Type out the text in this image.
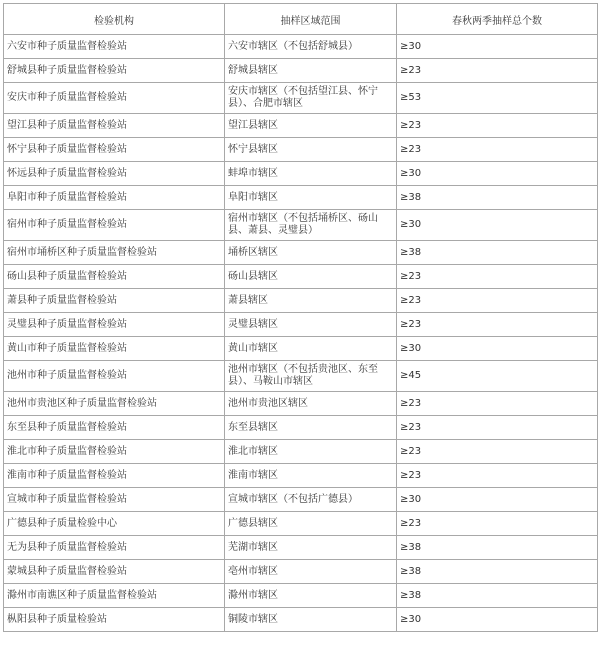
检验机构	抽样区域范围	春秋两季抽样总个数
六安市种子质量监督检验站	六安市辖区（不包括舒城县）	≥30
舒城县种子质量监督检验站	舒城县辖区	≥23
安庆市种子质量监督检验站	安庆市辖区（不包括望江县、怀宁县）、合肥市辖区	≥53
望江县种子质量监督检验站	望江县辖区	≥23
怀宁县种子质量监督检验站	怀宁县辖区	≥23
怀远县种子质量监督检验站	蚌埠市辖区	≥30
阜阳市种子质量监督检验站	阜阳市辖区	≥38
宿州市种子质量监督检验站	宿州市辖区（不包括埇桥区、砀山县、萧县、灵璧县）	≥30
宿州市埇桥区种子质量监督检验站	埇桥区辖区	≥38
砀山县种子质量监督检验站	砀山县辖区	≥23
萧县种子质量监督检验站	萧县辖区	≥23
灵璧县种子质量监督检验站	灵璧县辖区	≥23
黄山市种子质量监督检验站	黄山市辖区	≥30
池州市种子质量监督检验站	池州市辖区（不包括贵池区、东至县）、马鞍山市辖区	≥45
池州市贵池区种子质量监督检验站	池州市贵池区辖区	≥23
东至县种子质量监督检验站	东至县辖区	≥23
淮北市种子质量监督检验站	淮北市辖区	≥23
淮南市种子质量监督检验站	淮南市辖区	≥23
宣城市种子质量监督检验站	宣城市辖区（不包括广德县）	≥30
广德县种子质量检验中心	广德县辖区	≥23
无为县种子质量监督检验站	芜湖市辖区	≥38
蒙城县种子质量监督检验站	亳州市辖区	≥38
滁州市南谯区种子质量监督检验站	滁州市辖区	≥38
枞阳县种子质量检验站	铜陵市辖区	≥30
